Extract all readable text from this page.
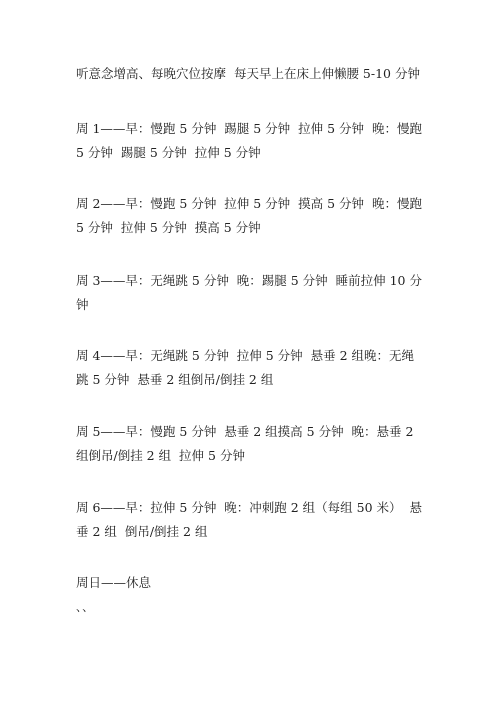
听意念增高、每晚穴位按摩  每天早上在床上伸懒腰 5-10 分钟
周 1——早：慢跑 5 分钟  踢腿 5 分钟  拉伸 5 分钟  晚：慢跑
5 分钟  踢腿 5 分钟  拉伸 5 分钟
周 2——早：慢跑 5 分钟  拉伸 5 分钟  摸高 5 分钟  晚：慢跑
5 分钟  拉伸 5 分钟  摸高 5 分钟
周 3——早：无绳跳 5 分钟  晚：踢腿 5 分钟  睡前拉伸 10 分
钟
周 4——早：无绳跳 5 分钟  拉伸 5 分钟  悬垂 2 组晚：无绳
跳 5 分钟  悬垂 2 组倒吊/倒挂 2 组
周 5——早：慢跑 5 分钟  悬垂 2 组摸高 5 分钟  晚：悬垂 2
组倒吊/倒挂 2 组  拉伸 5 分钟
周 6——早：拉伸 5 分钟  晚：冲刺跑 2 组（每组 50 米）  悬
垂 2 组  倒吊/倒挂 2 组
周日——休息
､､
